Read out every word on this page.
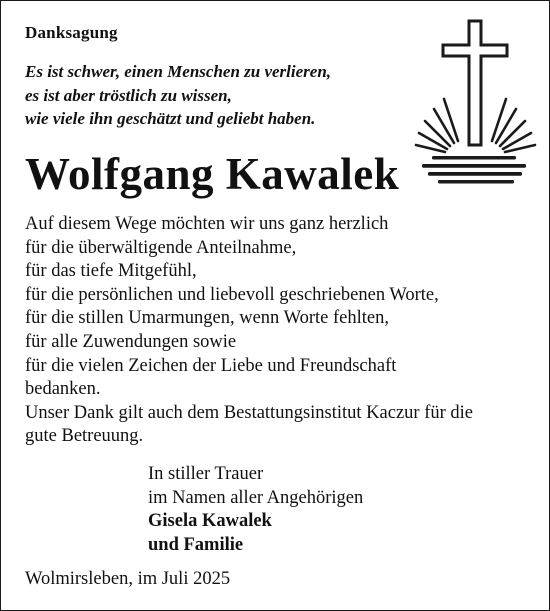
Danksagung
Es ist schwer, einen Menschen zu verlieren,
es ist aber tröstlich zu wissen,
wie viele ihn geschätzt und geliebt haben.
Wolfgang Kawalek
Auf diesem Wege möchten wir uns ganz herzlich
für die überwältigende Anteilnahme,
für das tiefe Mitgefühl,
für die persönlichen und liebevoll geschriebenen Worte,
für die stillen Umarmungen, wenn Worte fehlten,
für alle Zuwendungen sowie
für die vielen Zeichen der Liebe und Freundschaft
bedanken.
Unser Dank gilt auch dem Bestattungsinstitut Kaczur für die
gute Betreuung.
In stiller Trauer
im Namen aller Angehörigen
Gisela Kawalek
und Familie
Wolmirsleben, im Juli 2025
